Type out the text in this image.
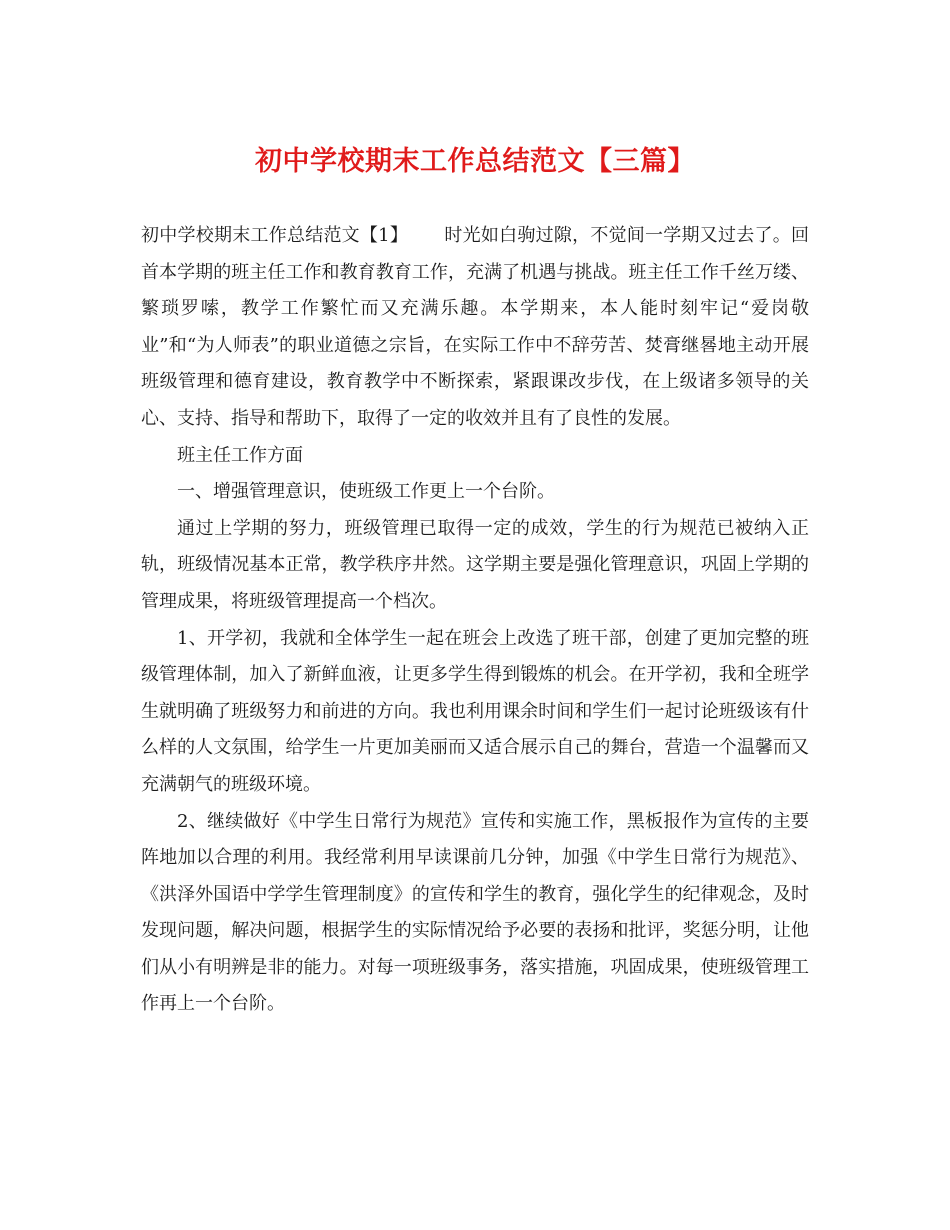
初中学校期末工作总结范文【三篇】

初中学校期末工作总结范文【1】 时光如白驹过隙，不觉间一学期又过去了。回首本学期的班主任工作和教育教育工作，充满了机遇与挑战。班主任工作千丝万缕、繁琐罗嗦，教学工作繁忙而又充满乐趣。本学期来，本人能时刻牢记“爱岗敬业”和“为人师表”的职业道德之宗旨，在实际工作中不辞劳苦、焚膏继晷地主动开展班级管理和德育建设，教育教学中不断探索，紧跟课改步伐，在上级诸多领导的关心、支持、指导和帮助下，取得了一定的收效并且有了良性的发展。

班主任工作方面

一、增强管理意识，使班级工作更上一个台阶。

通过上学期的努力，班级管理已取得一定的成效，学生的行为规范已被纳入正轨，班级情况基本正常，教学秩序井然。这学期主要是强化管理意识，巩固上学期的管理成果，将班级管理提高一个档次。

1、开学初，我就和全体学生一起在班会上改选了班干部，创建了更加完整的班级管理体制，加入了新鲜血液，让更多学生得到锻炼的机会。在开学初，我和全班学生就明确了班级努力和前进的方向。我也利用课余时间和学生们一起讨论班级该有什么样的人文氛围，给学生一片更加美丽而又适合展示自己的舞台，营造一个温馨而又充满朝气的班级环境。

2、继续做好《中学生日常行为规范》宣传和实施工作，黑板报作为宣传的主要阵地加以合理的利用。我经常利用早读课前几分钟，加强《中学生日常行为规范》、《洪泽外国语中学学生管理制度》的宣传和学生的教育，强化学生的纪律观念，及时发现问题，解决问题，根据学生的实际情况给予必要的表扬和批评，奖惩分明，让他们从小有明辨是非的能力。对每一项班级事务，落实措施，巩固成果，使班级管理工作再上一个台阶。
